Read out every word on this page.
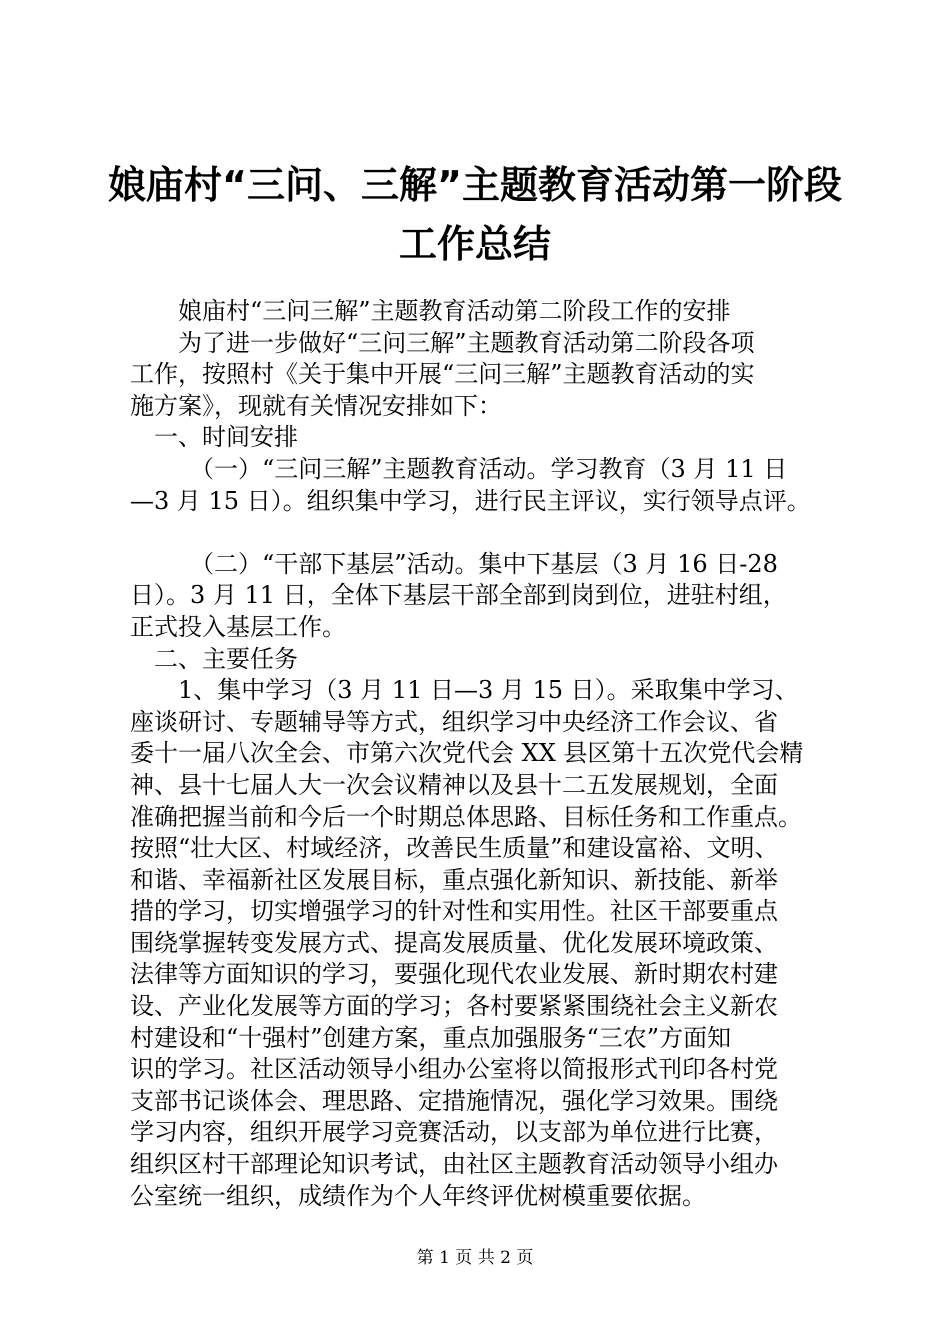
娘庙村“三问、三解”主题教育活动第一阶段
工作总结
娘庙村“三问三解”主题教育活动第二阶段工作的安排
为了进一步做好“三问三解”主题教育活动第二阶段各项
工作，按照村《关于集中开展“三问三解”主题教育活动的实
施方案》，现就有关情况安排如下：
一、时间安排
（一）“三问三解”主题教育活动。学习教育（3 月 11 日
—3 月 15 日）。组织集中学习，进行民主评议，实行领导点评。
（二）“干部下基层”活动。集中下基层（3 月 16 日-28
日）。3 月 11 日，全体下基层干部全部到岗到位，进驻村组，
正式投入基层工作。
二、主要任务
1、集中学习（3 月 11 日—3 月 15 日）。采取集中学习、
座谈研讨、专题辅导等方式，组织学习中央经济工作会议、省
委十一届八次全会、市第六次党代会 XX 县区第十五次党代会精
神、县十七届人大一次会议精神以及县十二五发展规划，全面
准确把握当前和今后一个时期总体思路、目标任务和工作重点。
按照“壮大区、村域经济，改善民生质量”和建设富裕、文明、
和谐、幸福新社区发展目标，重点强化新知识、新技能、新举
措的学习，切实增强学习的针对性和实用性。社区干部要重点
围绕掌握转变发展方式、提高发展质量、优化发展环境政策、
法律等方面知识的学习，要强化现代农业发展、新时期农村建
设、产业化发展等方面的学习；各村要紧紧围绕社会主义新农
村建设和“十强村”创建方案，重点加强服务“三农”方面知
识的学习。社区活动领导小组办公室将以简报形式刊印各村党
支部书记谈体会、理思路、定措施情况，强化学习效果。围绕
学习内容，组织开展学习竞赛活动，以支部为单位进行比赛，
组织区村干部理论知识考试，由社区主题教育活动领导小组办
公室统一组织，成绩作为个人年终评优树模重要依据。
第 1 页 共 2 页
